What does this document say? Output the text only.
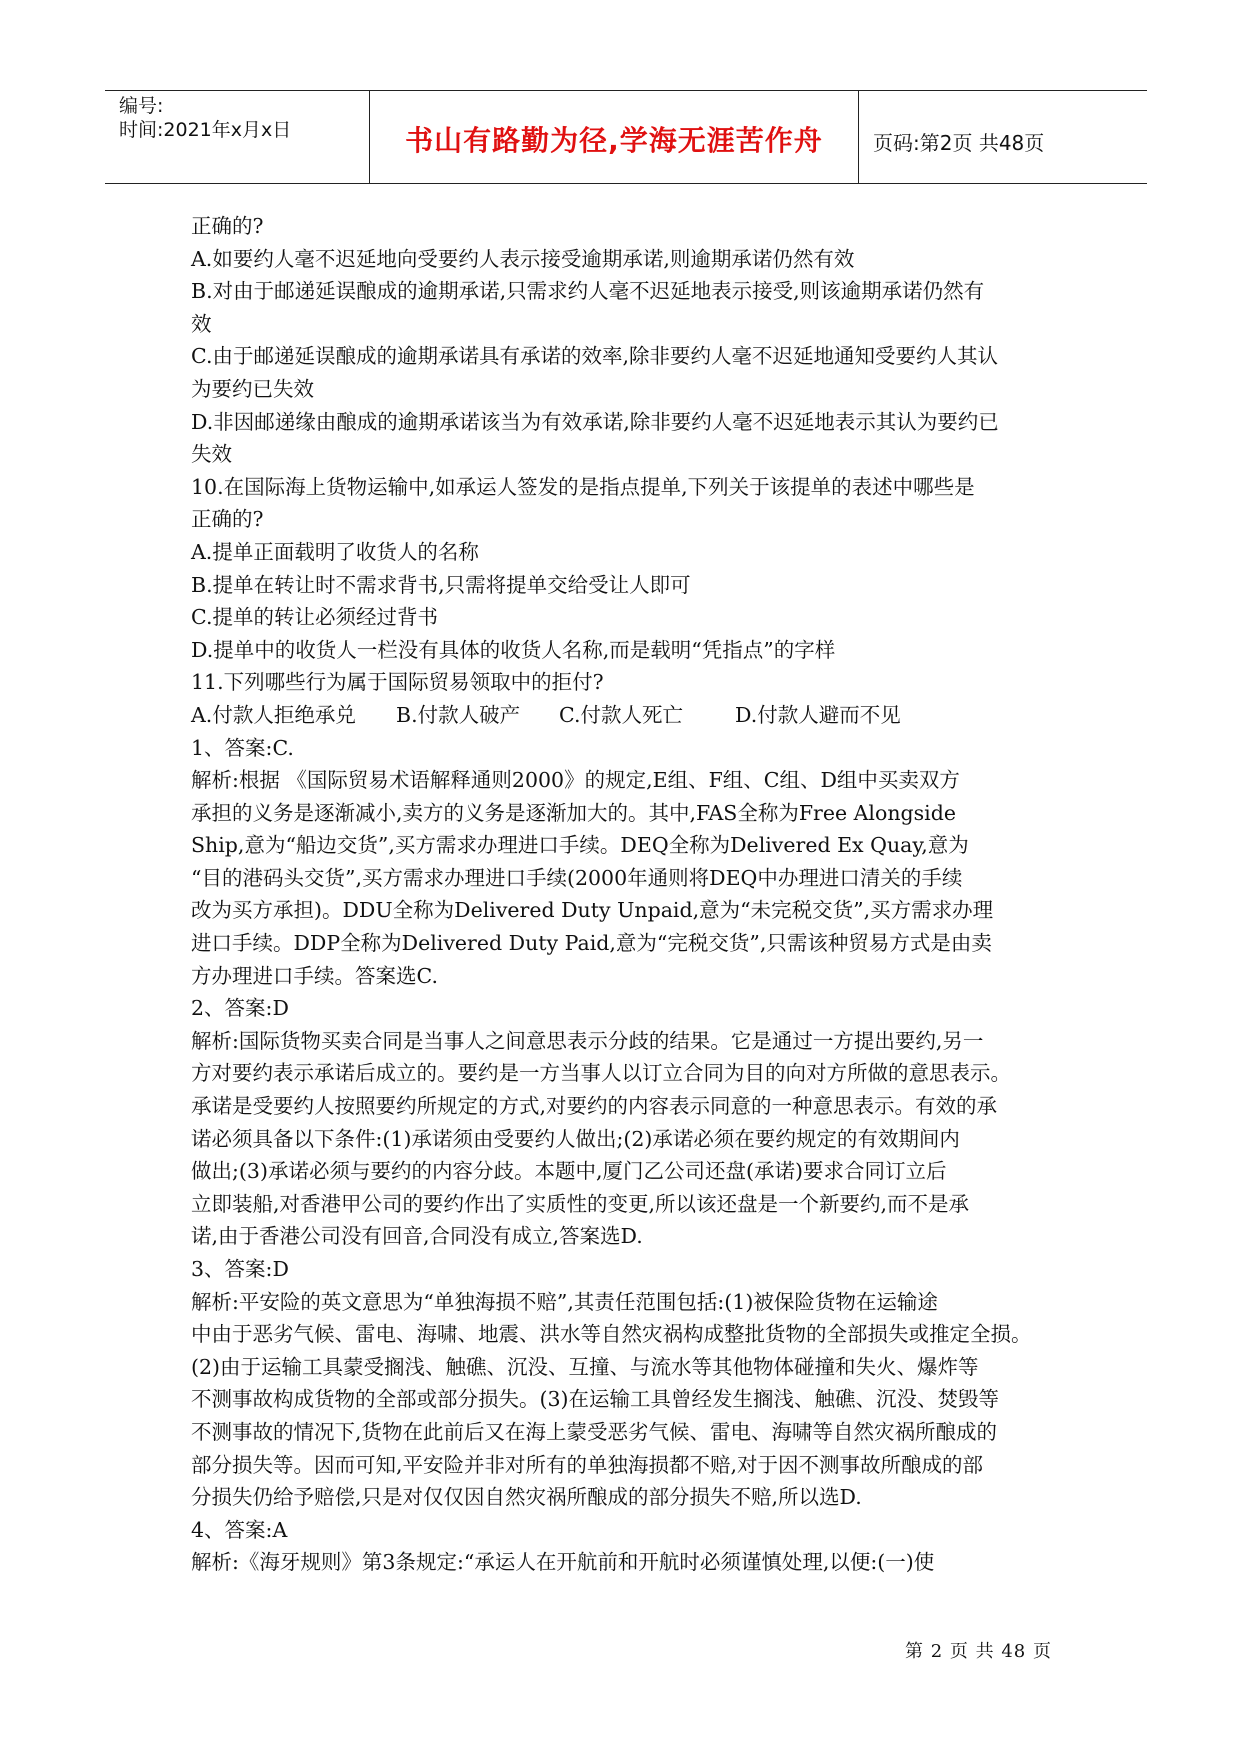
编号:
时间:2021年x月x日	书山有路勤为径,学海无涯苦作舟	页码:第2页 共48页
正确的?
A.如要约人毫不迟延地向受要约人表示接受逾期承诺,则逾期承诺仍然有效
B.对由于邮递延误酿成的逾期承诺,只需求约人毫不迟延地表示接受,则该逾期承诺仍然有
效
C.由于邮递延误酿成的逾期承诺具有承诺的效率,除非要约人毫不迟延地通知受要约人其认
为要约已失效
D.非因邮递缘由酿成的逾期承诺该当为有效承诺,除非要约人毫不迟延地表示其认为要约已
失效
10.在国际海上货物运输中,如承运人签发的是指点提单,下列关于该提单的表述中哪些是
正确的?
A.提单正面载明了收货人的名称
B.提单在转让时不需求背书,只需将提单交给受让人即可
C.提单的转让必须经过背书
D.提单中的收货人一栏没有具体的收货人名称,而是载明“凭指点”的字样
11.下列哪些行为属于国际贸易领取中的拒付?
A.付款人拒绝承兑 B.付款人破产 C.付款人死亡	D.付款人避而不见
1、答案:C.
解析:根据 《国际贸易术语解释通则2000》的规定,E组、F组、C组、D组中买卖双方
承担的义务是逐渐减小,卖方的义务是逐渐加大的。其中,FAS全称为Free Alongside
Ship,意为“船边交货”,买方需求办理进口手续。DEQ全称为Delivered Ex Quay,意为
“目的港码头交货”,买方需求办理进口手续(2000年通则将DEQ中办理进口清关的手续
改为买方承担)。DDU全称为Delivered Duty Unpaid,意为“未完税交货”,买方需求办理
进口手续。DDP全称为Delivered Duty Paid,意为“完税交货”,只需该种贸易方式是由卖
方办理进口手续。答案选C.
2、答案:D
解析:国际货物买卖合同是当事人之间意思表示分歧的结果。它是通过一方提出要约,另一
方对要约表示承诺后成立的。要约是一方当事人以订立合同为目的向对方所做的意思表示。
承诺是受要约人按照要约所规定的方式,对要约的内容表示同意的一种意思表示。有效的承
诺必须具备以下条件:(1)承诺须由受要约人做出;(2)承诺必须在要约规定的有效期间内
做出;(3)承诺必须与要约的内容分歧。本题中,厦门乙公司还盘(承诺)要求合同订立后
立即装船,对香港甲公司的要约作出了实质性的变更,所以该还盘是一个新要约,而不是承
诺,由于香港公司没有回音,合同没有成立,答案选D.
3、答案:D
解析:平安险的英文意思为“单独海损不赔”,其责任范围包括:(1)被保险货物在运输途
中由于恶劣气候、雷电、海啸、地震、洪水等自然灾祸构成整批货物的全部损失或推定全损。
(2)由于运输工具蒙受搁浅、触礁、沉没、互撞、与流水等其他物体碰撞和失火、爆炸等
不测事故构成货物的全部或部分损失。(3)在运输工具曾经发生搁浅、触礁、沉没、焚毁等
不测事故的情况下,货物在此前后又在海上蒙受恶劣气候、雷电、海啸等自然灾祸所酿成的
部分损失等。因而可知,平安险并非对所有的单独海损都不赔,对于因不测事故所酿成的部
分损失仍给予赔偿,只是对仅仅因自然灾祸所酿成的部分损失不赔,所以选D.
4、答案:A
解析:《海牙规则》第3条规定:“承运人在开航前和开航时必须谨慎处理,以便:(一)使
第 2 页 共 48 页
